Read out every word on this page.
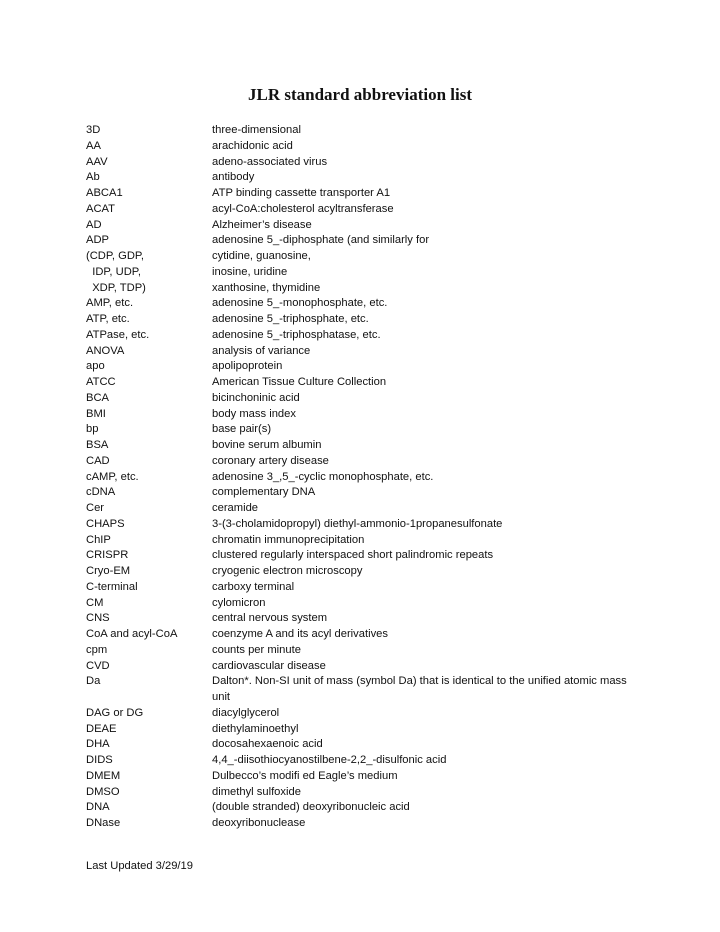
JLR standard abbreviation list
3D	three-dimensional
AA	arachidonic acid
AAV	adeno-associated virus
Ab	antibody
ABCA1	ATP binding cassette transporter A1
ACAT	acyl-CoA:cholesterol acyltransferase
AD	Alzheimer’s disease
ADP	adenosine 5_-diphosphate (and similarly for
(CDP, GDP,	cytidine, guanosine,
IDP, UDP,	inosine, uridine
XDP, TDP)	xanthosine, thymidine
AMP, etc.	adenosine 5_-monophosphate, etc.
ATP, etc.	adenosine 5_-triphosphate, etc.
ATPase, etc.	adenosine 5_-triphosphatase, etc.
ANOVA	analysis of variance
apo	apolipoprotein
ATCC	American Tissue Culture Collection
BCA	bicinchoninic acid
BMI	body mass index
bp	base pair(s)
BSA	bovine serum albumin
CAD	coronary artery disease
cAMP, etc.	adenosine 3_,5_-cyclic monophosphate, etc.
cDNA	complementary DNA
Cer	ceramide
CHAPS	3-(3-cholamidopropyl) diethyl-ammonio-1propanesulfonate
ChIP	chromatin immunoprecipitation
CRISPR	clustered regularly interspaced short palindromic repeats
Cryo-EM	cryogenic electron microscopy
C-terminal	carboxy terminal
CM	cylomicron
CNS	central nervous system
CoA and acyl-CoA	coenzyme A and its acyl derivatives
cpm	counts per minute
CVD	cardiovascular disease
Da	Dalton*. Non-SI unit of mass (symbol Da) that is identical to the unified atomic mass unit
DAG or DG	diacylglycerol
DEAE	diethylaminoethyl
DHA	docosahexaenoic acid
DIDS	4,4_-diisothiocyanostilbene-2,2_-disulfonic acid
DMEM	Dulbecco’s modifi ed Eagle’s medium
DMSO	dimethyl sulfoxide
DNA	(double stranded) deoxyribonucleic acid
DNase	deoxyribonuclease
Last Updated 3/29/19
